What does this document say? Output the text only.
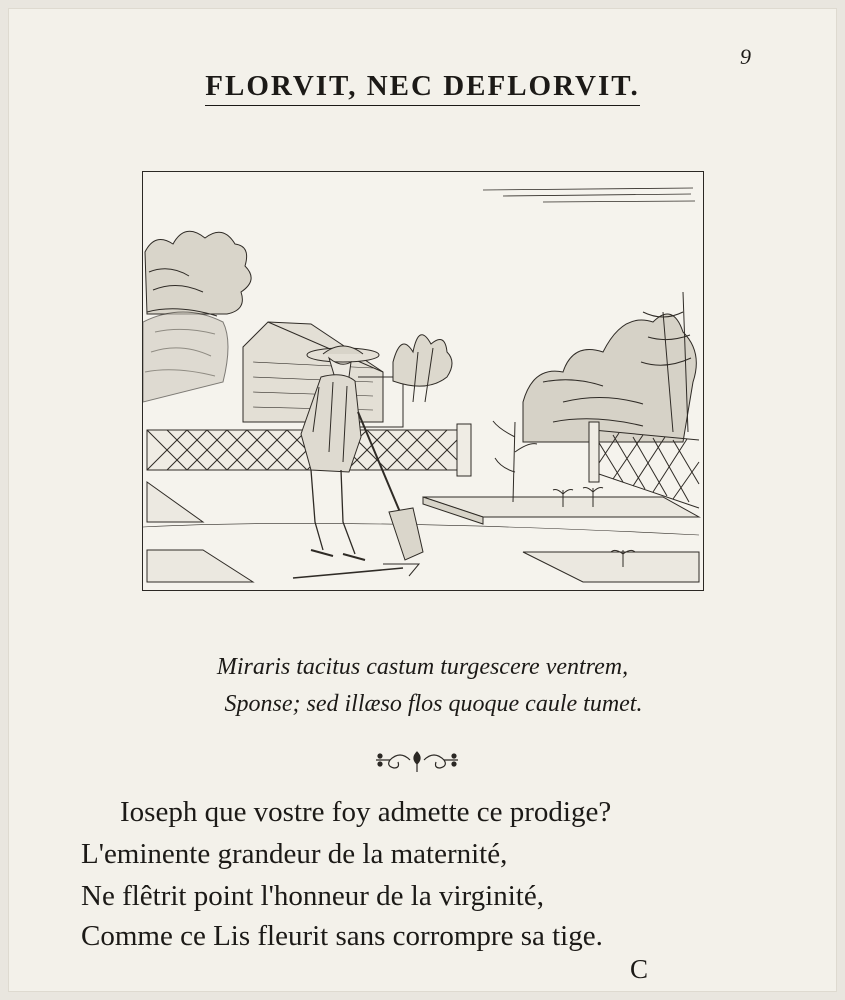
9
FLORVIT, NEC DEFLORVIT.
Miraris tacitus castum turgescere ventrem,
Sponse; sed illæso flos quoque caule tumet.
Ioseph que vostre foy admette ce prodige?
L'eminente grandeur de la maternité,
Ne flêtrit point l'honneur de la virginité,
Comme ce Lis fleurit sans corrompre sa tige.
C
